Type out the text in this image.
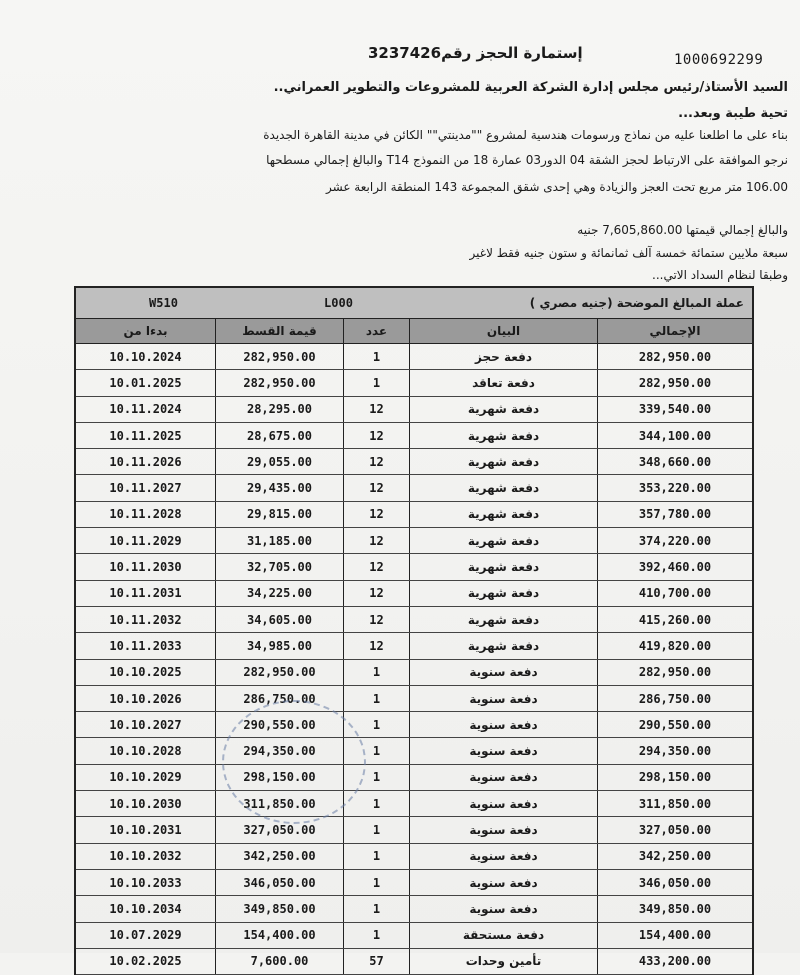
1000692299
إستمارة الحجز رقم3237426
السيد الأستاذ/رئيس مجلس إدارة الشركة العربية للمشروعات والتطوير العمراني..
تحية طيبة وبعد...
بناء على ما اطلعنا عليه من نماذج ورسومات هندسية لمشروع ""مدينتي"" الكائن في مدينة القاهرة الجديدة
نرجو الموافقة على الارتباط لحجز الشقة 04 الدور03 عمارة 18 من النموذج T14 والبالغ إجمالي مسطحها
106.00 متر مربع تحت العجز والزيادة وهي إحدى شقق المجموعة 143 المنطقة الرابعة عشر
والبالغ إجمالي قيمتها 7,605,860.00 جنيه
سبعة ملايين ستمائة خمسة آلف ثمانمائة و ستون جنيه فقط لاغير
وطبقا لنظام السداد الاتي...
W510	L000	عملة المبالغ الموضحة (جنيه مصري )
بدءا من	قيمة القسط	عدد	البيان	الإجمالي
10.10.2024	282,950.00	1	دفعة حجز	282,950.00
10.01.2025	282,950.00	1	دفعة تعاقد	282,950.00
10.11.2024	28,295.00	12	دفعة شهرية	339,540.00
10.11.2025	28,675.00	12	دفعة شهرية	344,100.00
10.11.2026	29,055.00	12	دفعة شهرية	348,660.00
10.11.2027	29,435.00	12	دفعة شهرية	353,220.00
10.11.2028	29,815.00	12	دفعة شهرية	357,780.00
10.11.2029	31,185.00	12	دفعة شهرية	374,220.00
10.11.2030	32,705.00	12	دفعة شهرية	392,460.00
10.11.2031	34,225.00	12	دفعة شهرية	410,700.00
10.11.2032	34,605.00	12	دفعة شهرية	415,260.00
10.11.2033	34,985.00	12	دفعة شهرية	419,820.00
10.10.2025	282,950.00	1	دفعة سنوية	282,950.00
10.10.2026	286,750.00	1	دفعة سنوية	286,750.00
10.10.2027	290,550.00	1	دفعة سنوية	290,550.00
10.10.2028	294,350.00	1	دفعة سنوية	294,350.00
10.10.2029	298,150.00	1	دفعة سنوية	298,150.00
10.10.2030	311,850.00	1	دفعة سنوية	311,850.00
10.10.2031	327,050.00	1	دفعة سنوية	327,050.00
10.10.2032	342,250.00	1	دفعة سنوية	342,250.00
10.10.2033	346,050.00	1	دفعة سنوية	346,050.00
10.10.2034	349,850.00	1	دفعة سنوية	349,850.00
10.07.2029	154,400.00	1	دفعة مستحقة	154,400.00
10.02.2025	7,600.00	57	تأمين وحدات	433,200.00
